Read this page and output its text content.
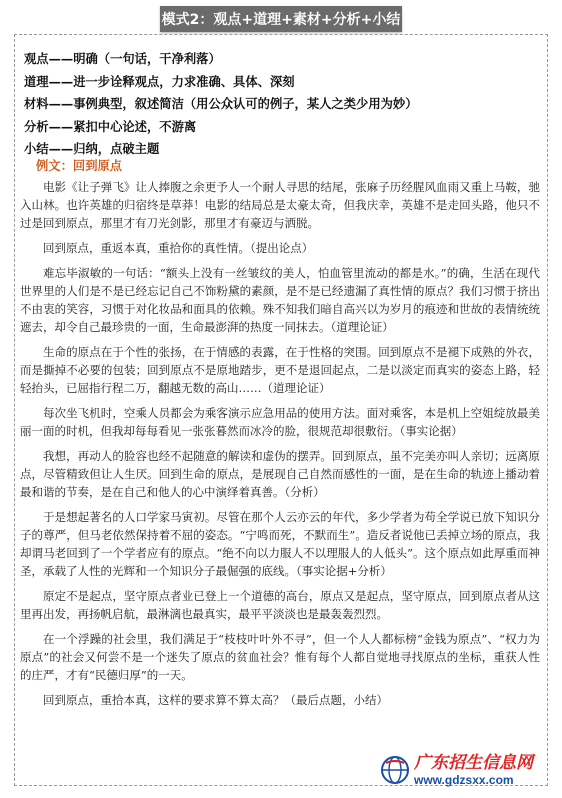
模式2：观点+道理+素材+分析+小结
观点——明确（一句话，干净利落）
道理——进一步诠释观点，力求准确、具体、深刻
材料——事例典型，叙述简洁（用公众认可的例子，某人之类少用为妙）
分析——紧扣中心论述，不游离
小结——归纳，点破主题
例文：回到原点

电影《让子弹飞》让人捧腹之余更予人一个耐人寻思的结尾，张麻子历经腥风血雨又重上马鞍，驰入山林。也许英雄的归宿终是草莽！电影的结局总是太豪太奇，但我庆幸，英雄不是走回头路，他只不过是回到原点，那里才有刀光剑影，那里才有豪迈与洒脱。

回到原点，重返本真，重拾你的真性情。（提出论点）

难忘毕淑敏的一句话：“额头上没有一丝皱纹的美人，怕血管里流动的都是水。”的确，生活在现代世界里的人们是不是已经忘记自己不饰粉黛的素颜，是不是已经遗漏了真性情的原点？我们习惯于挤出不由衷的笑容，习惯于对化妆品和面具的依赖。殊不知我们暗自高兴以为岁月的痕迹和世故的表情统统遮去，却令自己最珍贵的一面，生命最澎湃的热度一同抹去。（道理论证）

生命的原点在于个性的张扬，在于情感的表露，在于性格的突围。回到原点不是褪下成熟的外衣，而是撕掉不必要的包装；回到原点不是原地踏步，更不是退回起点，二是以淡定而真实的姿态上路，轻轻抬头，已屈指行程二万，翻越无数的高山……（道理论证）

每次坐飞机时，空乘人员都会为乘客演示应急用品的使用方法。面对乘客，本是机上空姐绽放最美丽一面的时机，但我却每每看见一张张暮然而冰冷的脸，很规范却很敷衍。（事实论据）

我想，再动人的脸容也经不起随意的解读和虚伪的摆弄。回到原点，虽不完美亦叫人亲切；远离原点，尽管精致但让人生厌。回到生命的原点，是展现自己自然而感性的一面，是在生命的轨迹上播动着最和谐的节奏，是在自己和他人的心中演绎着真善。（分析）

于是想起著名的人口学家马寅初。尽管在那个人云亦云的年代，多少学者为苟全学说已放下知识分子的尊严，但马老依然保持着不屈的姿态。“宁鸣而死，不默而生”。造反者说他已丢掉立场的原点，我却谓马老回到了一个学者应有的原点。“绝不向以力服人不以理服人的人低头”。这个原点如此厚重而神圣，承载了人性的光辉和一个知识分子最倔强的底线。（事实论据+分析）

原定不是起点，坚守原点者业已登上一个道德的高台，原点又是起点，坚守原点，回到原点者从这里再出发，再扬帆启航，最淋漓也最真实，最平平淡淡也是最轰轰烈烈。

在一个浮躁的社会里，我们满足于“枝枝叶叶外不寻”，但一个人人都标榜“金钱为原点”、“权力为原点”的社会又何尝不是一个迷失了原点的贫血社会？惟有每个人都自觉地寻找原点的坐标，重获人性的庄严，才有“民德归厚”的一天。

回到原点，重拾本真，这样的要求算不算太高？（最后点题，小结）

广东招生信息网
www.gdzsxx.com
